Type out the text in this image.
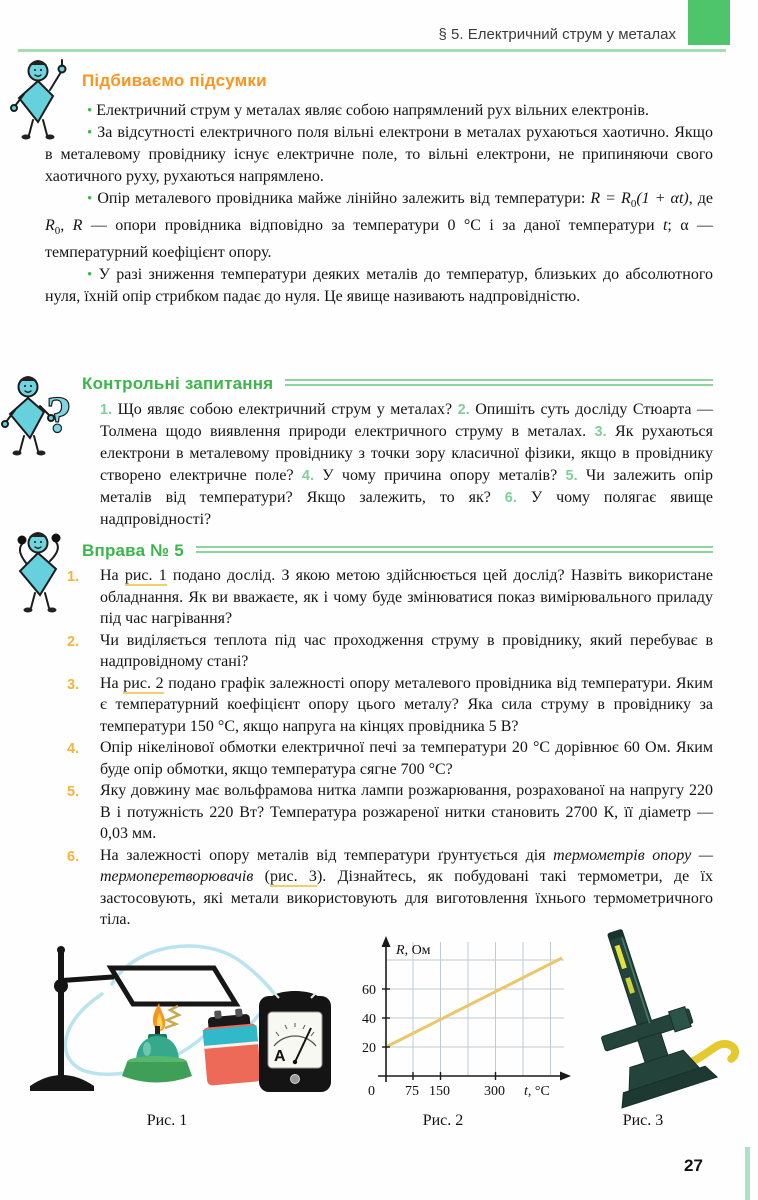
§ 5. Електричний струм у металах
Підбиваємо підсумки

• Електричний струм у металах являє собою напрямлений рух вільних електронів.

• За відсутності електричного поля вільні електрони в металах рухаються хаотично. Якщо в металевому провіднику існує електричне поле, то вільні електрони, не припиняючи свого хаотичного руху, рухаються напрямлено.

• Опір металевого провідника майже лінійно залежить від температури: $R = R_0(1 + \alpha t)$, де $R_0$, R — опори провідника відповідно за температури 0 °С і за даної температури t; α — температурний коефіцієнт опору.

• У разі зниження температури деяких металів до температур, близьких до абсолютного нуля, їхній опір стрибком падає до нуля. Це явище називають надпровідністю.

?
Контрольні запитання

1. Що являє собою електричний струм у металах? 2. Опишіть суть досліду Стюарта — Толмена щодо виявлення природи електричного струму в металах. 3. Як рухаються електрони в металевому провіднику з точки зору класичної фізики, якщо в провіднику створено електричне поле? 4. У чому причина опору металів? 5. Чи залежить опір металів від температури? Якщо залежить, то як? 6. У чому полягає явище надпровідності?

Вправа № 5
1. На рис. 1 подано дослід. З якою метою здійснюється цей дослід? Назвіть використане обладнання. Як ви вважаєте, як і чому буде змінюватися показ вимірювального приладу під час нагрівання?
2. Чи виділяється теплота під час проходження струму в провіднику, який перебуває в надпровідному стані?
3. На рис. 2 подано графік залежності опору металевого провідника від температури. Яким є температурний коефіцієнт опору цього металу? Яка сила струму в провіднику за температури 150 °С, якщо напруга на кінцях провідника 5 В?
4. Опір нікелінової обмотки електричної печі за температури 20 °С дорівнює 60 Ом. Яким буде опір обмотки, якщо температура сягне 700 °С?
5. Яку довжину має вольфрамова нитка лампи розжарювання, розрахованої на напругу 220 В і потужність 220 Вт? Температура розжареної нитки становить 2700 К, її діаметр — 0,03 мм.
6. На залежності опору металів від температури ґрунтується дія термометрів опору — термоперетворювачів (рис. 3). Дізнайтесь, як побудовані такі термометри, де їх застосовують, які метали використовують для виготовлення їхнього термометричного тіла.
A
R, Ом
60
40
20
0 75 150 300 t, °С
Рис. 1	Рис. 2	Рис. 3
27
